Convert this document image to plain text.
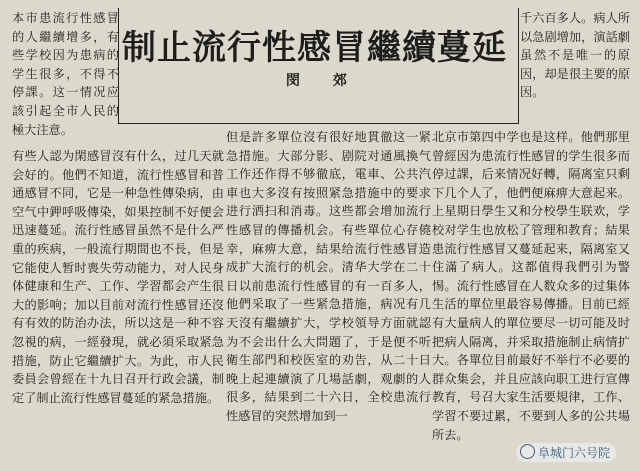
制止流行性感冒繼續蔓延
閔 郊
本市患流行性感冒的人繼續增多，有些学校因为患病的学生很多，不得不停課。这一情况应該引起全市人民的極大注意。
有些人認为閑感冒沒有什么，过几天就会好的。他們不知道，流行性感冒和普通感冒不同，它是一种急性傳染病，由空气中鉀呼吸傳染，如果控制不好便会迅速蔓延。流行性感冒虽然不是什么严重的疾病，一般流行期間也不長，但是它能使人暂时喪失劳动能力，对人民身体健康和生产、工作、学習都会产生很大的影响；加以目前对流行性感冒还沒有有效的防治办法，所以这是一种不容忽視的病，一經發現，就必須采取紧急措施，防止它繼續扩大。为此，市人民委員会曾經在十九日召开行政会議，制定了制止流行性感冒蔓延的紧急措施。
但是許多單位沒有很好地貫徹这一紧急措施。大部分影、剧院对通風換气工作还作得不够徹底，電車、公共汽車也大多沒有按照紧急措施中的要求进行洒扫和消毒。这些都会增加流行性感冒的傳播机会。有些單位心存僥幸，麻痹大意，結果给流行性感冒造成扩大流行的机会。清华大学在二十日以前患流行性感冒的有一百多人，他們采取了一些紧急措施，病况有几天沒有繼續扩大，学校領导方面就認为不会出什么大問題了，于是便不听衛生部門和校医室的劝告，从二十日晚上起連續演了几場話劇，观劇的人很多，結果到二十六日，全校患流行性感冒的突然增加到一
千六百多人。病人所以急剧增加，演話劇虽然不是唯一的原因，却是很主要的原因。
北京市第四中学也是这样。他們那里曾經因为患流行性感冒的学生很多而停过課，后来情况好轉，隔离室只剩下几个人了，他們便麻痹大意起来。上星期日學生又和分校學生联欢，学校对学生也放松了管理和教育；結果患流行性感冒又蔓延起来，隔离室又住滿了病人。这都值得我們引为警惕。流行性感冒在人数众多的过集体生活的單位里最容易傳播。目前已經有大量病人的單位要尽一切可能及时把病人隔离，并采取措施制止病情扩大。各單位目前最好不举行不必要的群众集会，并且应該向职工进行宣傳教育，号召大家生活要規律，工作、学習不要过累，不要到人多的公共場所去。
阜城门六号院
